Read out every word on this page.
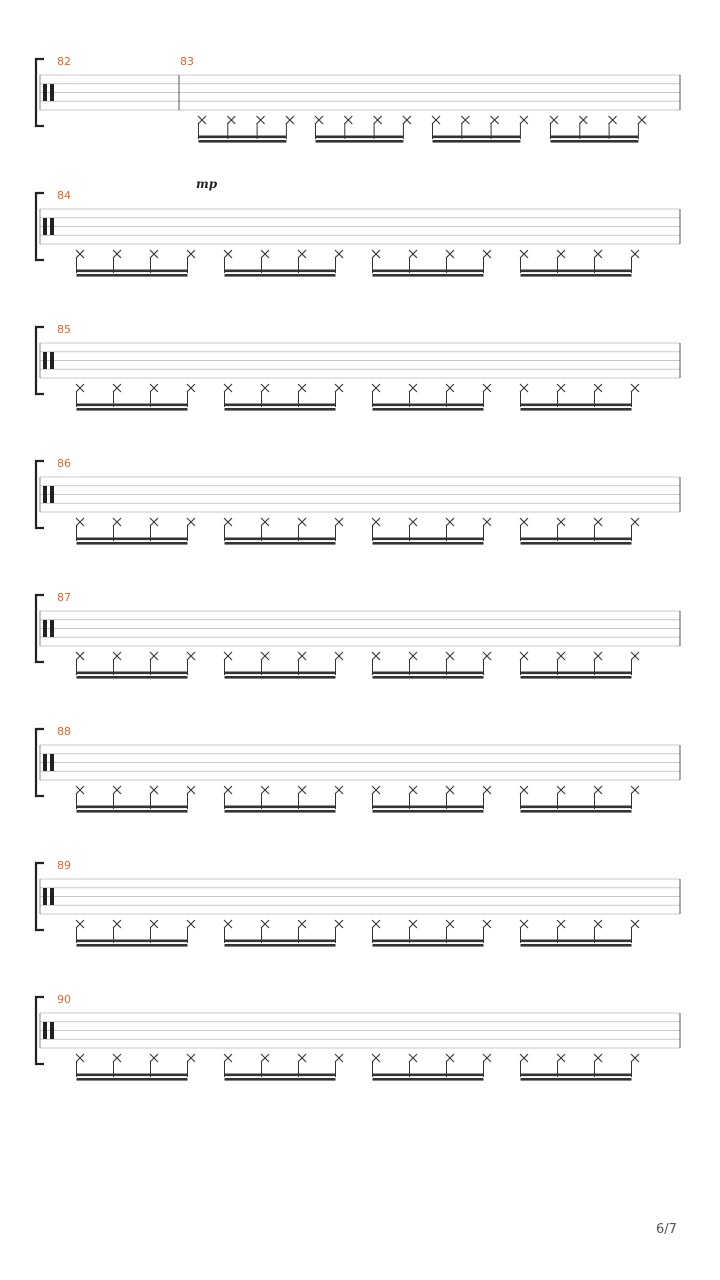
82	83
mp
84
85
86
87
88
89
90
6/7
